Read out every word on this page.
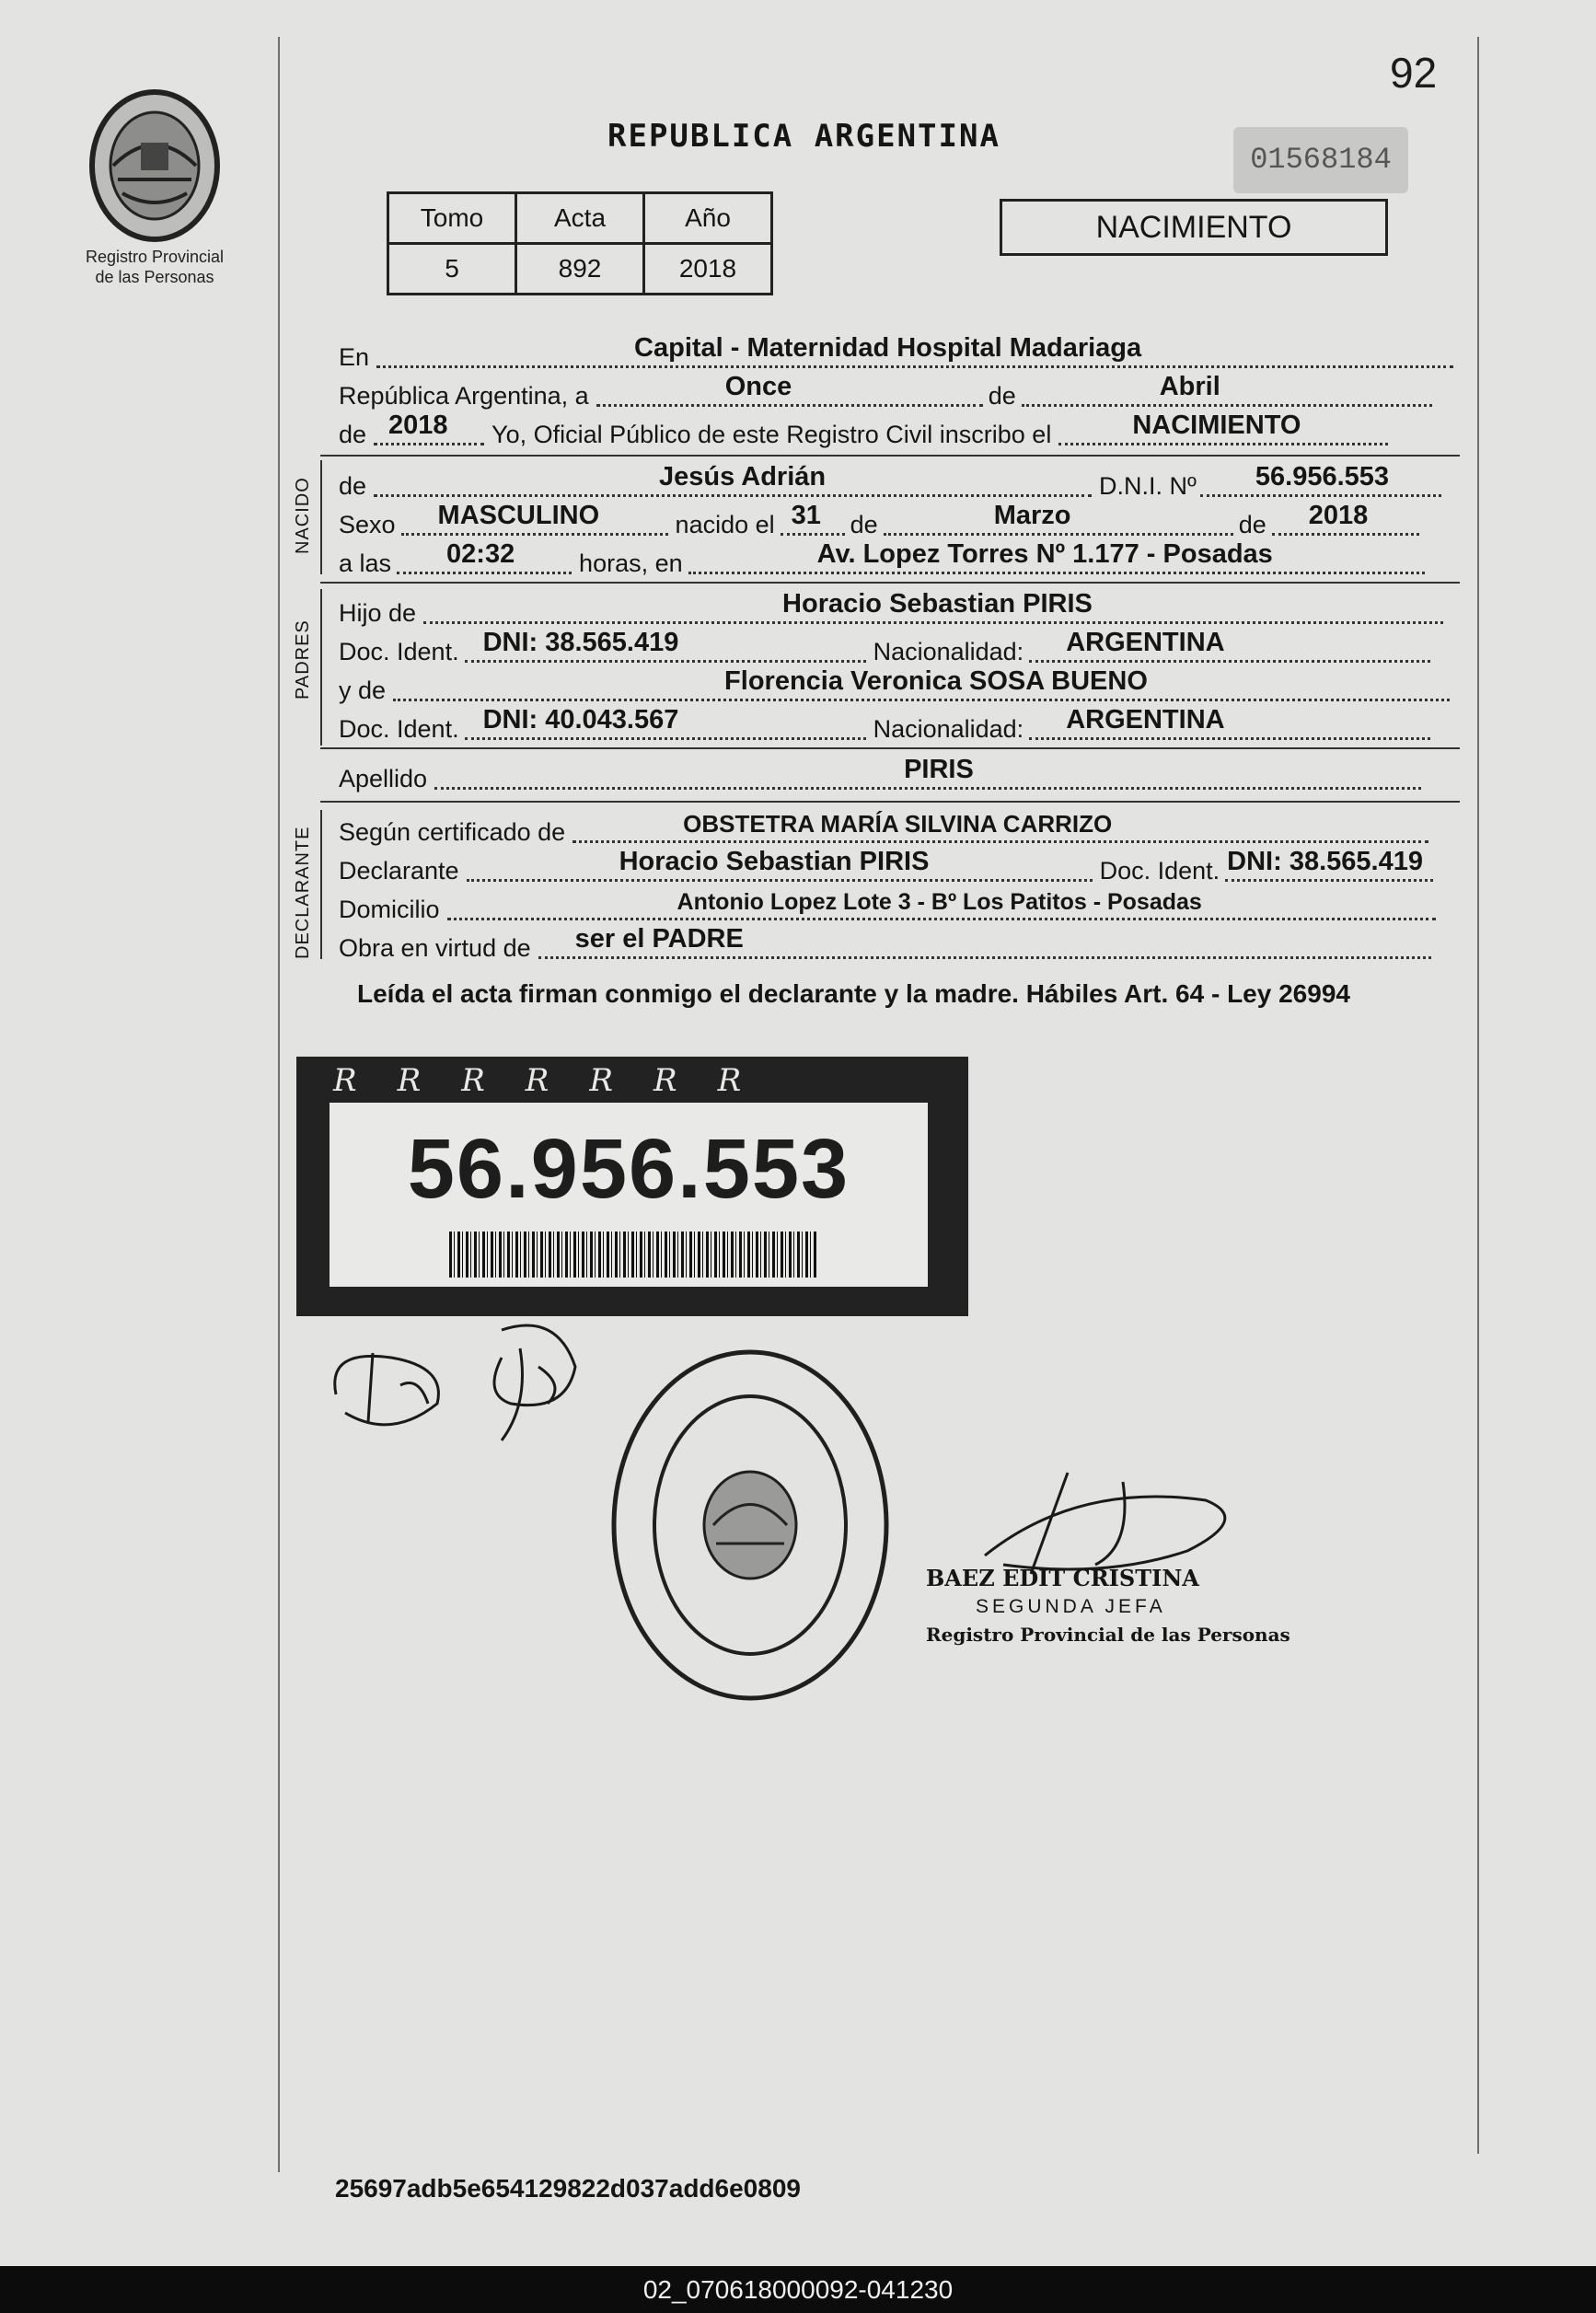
Registro Provincial
de las Personas
92
REPUBLICA ARGENTINA
01568184
Tomo	Acta	Año
5	892	2018
NACIMIENTO
En	Capital - Maternidad Hospital Madariaga
República Argentina, a	Once	de	Abril
de 2018 Yo, Oficial Público de este Registro Civil inscribo el	NACIMIENTO
NACIDO de	Jesús Adrián	D.N.I. Nº 56.956.553
Sexo MASCULINO	nacido el 31 de	Marzo	de 2018
a las 02:32	horas, en	Av. Lopez Torres Nº 1.177 - Posadas
PADRES
Hijo de	Horacio Sebastian PIRIS
Doc. Ident. DNI: 38.565.419	Nacionalidad: ARGENTINA
y de	Florencia Veronica SOSA BUENO
Doc. Ident. DNI: 40.043.567	Nacionalidad: ARGENTINA
Apellido	PIRIS
DECLARANTE Según certificado de	OBSTETRA MARÍA SILVINA CARRIZO
Declarante	Horacio Sebastian PIRIS	Doc. Ident. DNI: 38.565.419
Domicilio	Antonio Lopez Lote 3 - Bº Los Patitos - Posadas
Obra en virtud de ser el PADRE
Leída el acta firman conmigo el declarante y la madre. Hábiles Art. 64 - Ley 26994
RRRRRRR
56.956.553
BAEZ EDIT CRISTINA
SEGUNDA JEFA
Registro Provincial de las Personas
25697adb5e654129822d037add6e0809
02_070618000092-041230
